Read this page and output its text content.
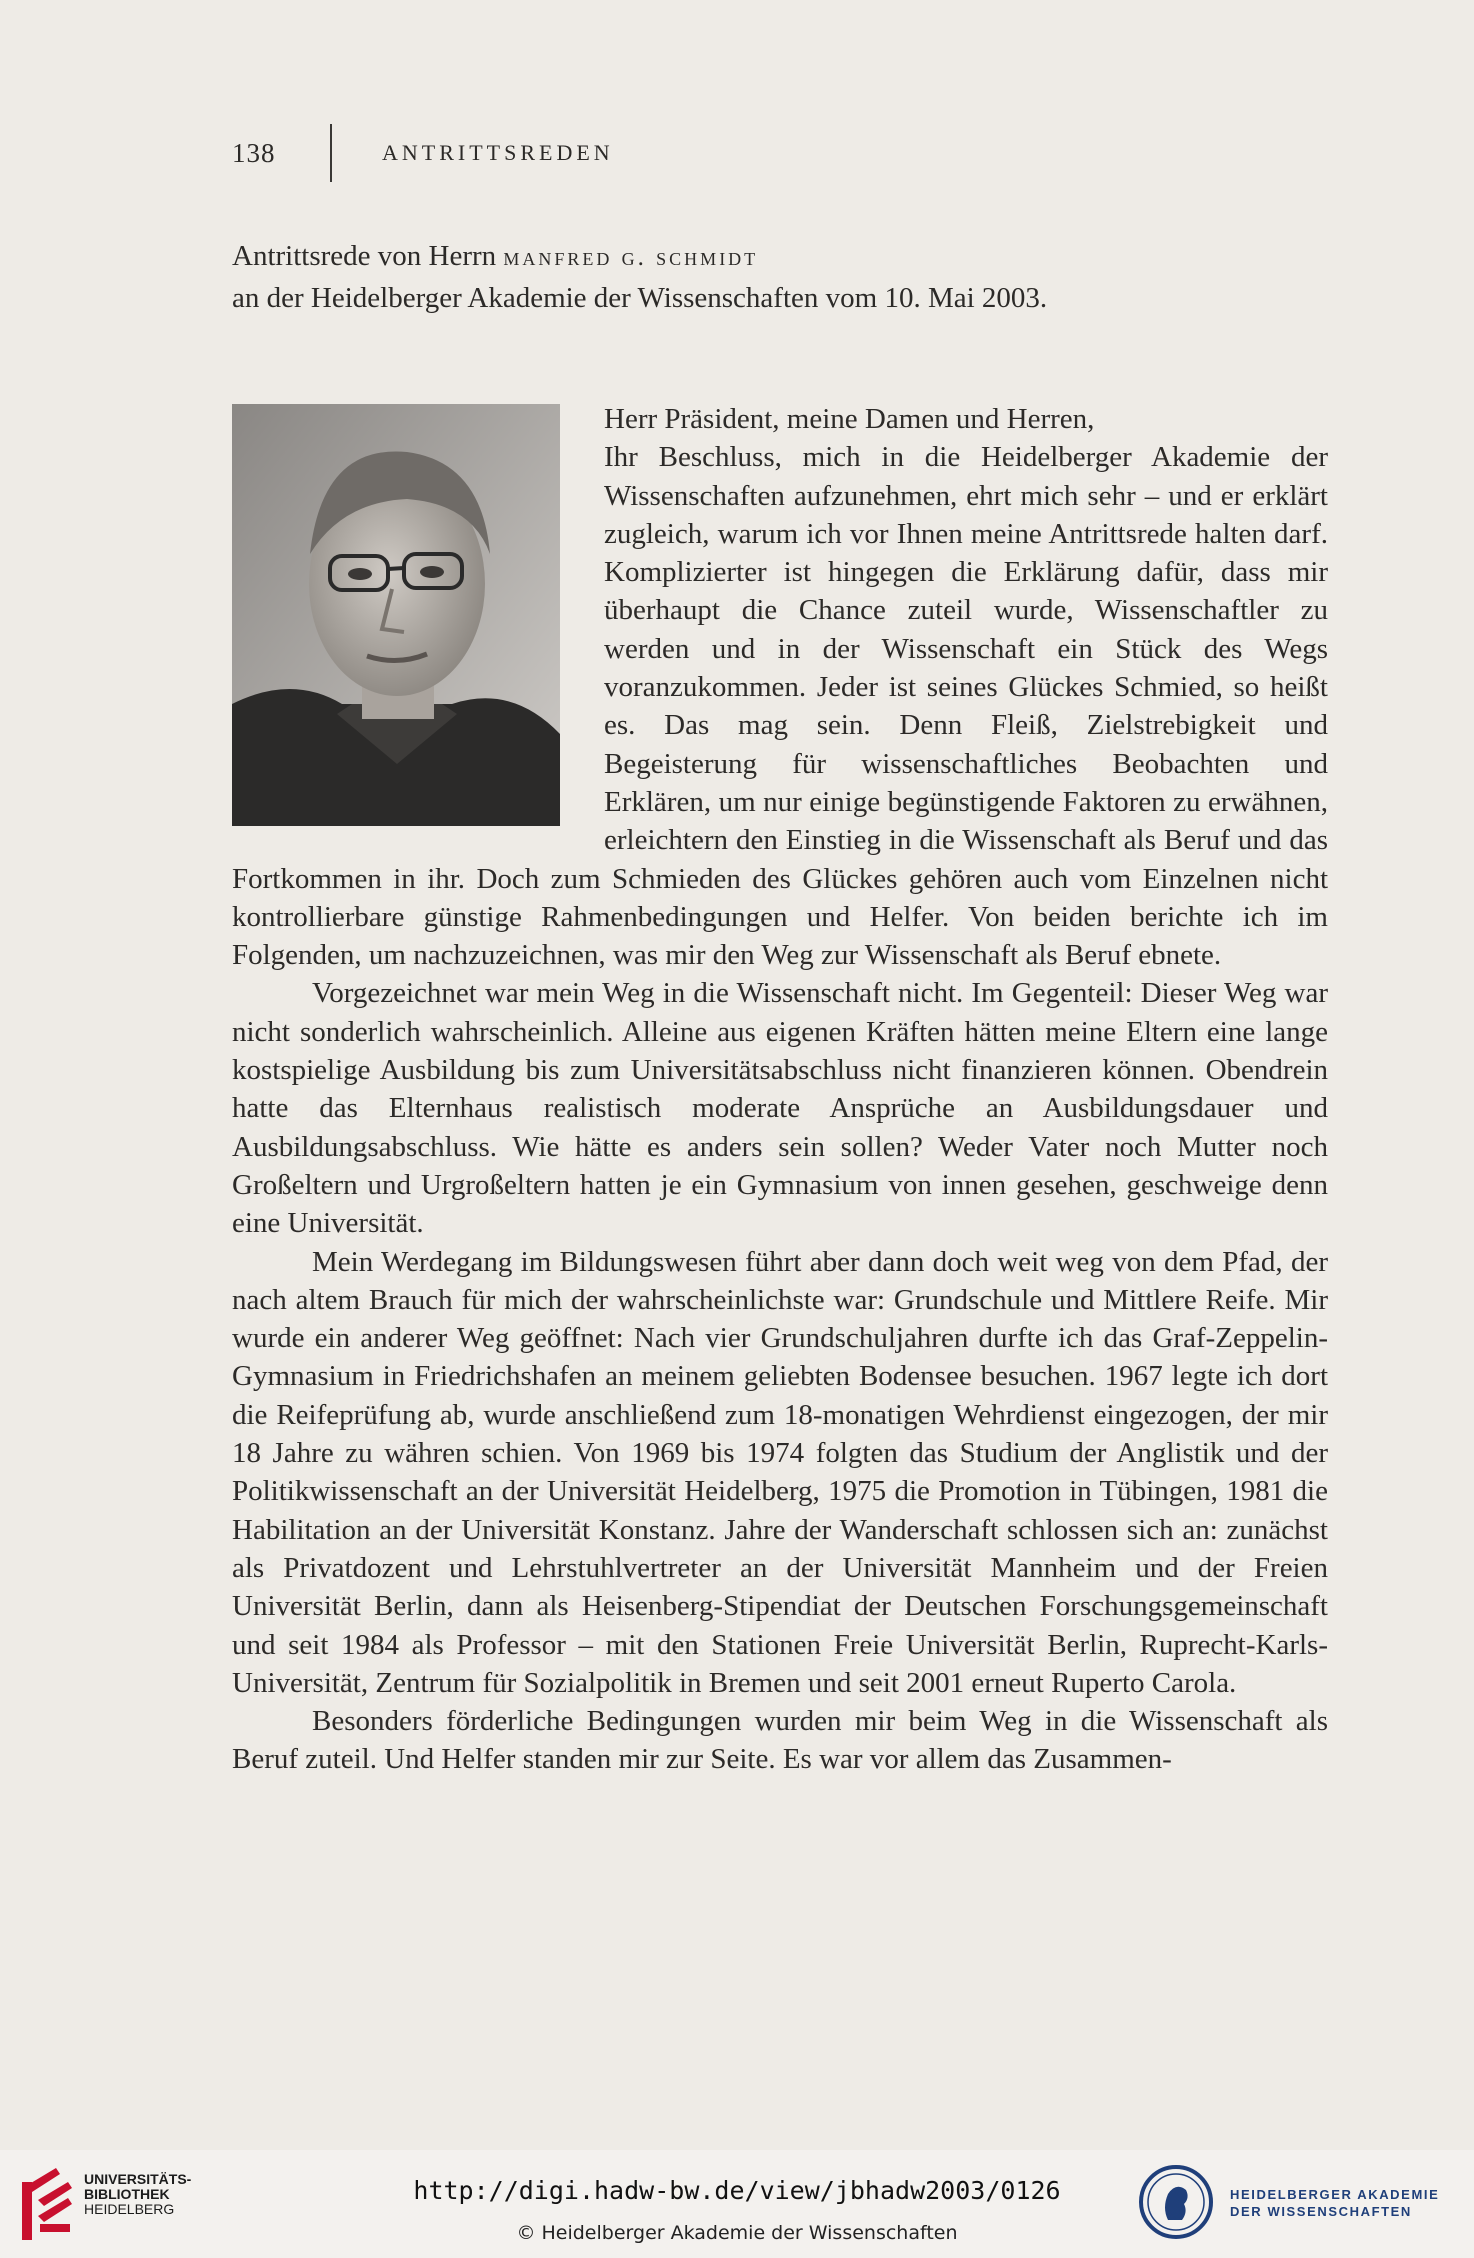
138	ANTRITTSREDEN
Antrittsrede von Herrn manfred g. schmidt
an der Heidelberger Akademie der Wissenschaften vom 10. Mai 2003.

Herr Präsident, meine Damen und Herren,

Ihr Beschluss, mich in die Heidelberger Akademie der Wissenschaften aufzunehmen, ehrt mich sehr – und er erklärt zugleich, warum ich vor Ihnen meine Antrittsrede halten darf. Komplizierter ist hingegen die Erklärung dafür, dass mir überhaupt die Chance zuteil wurde, Wissenschaftler zu werden und in der Wissenschaft ein Stück des Wegs voranzukommen. Jeder ist seines Glückes Schmied, so heißt es. Das mag sein. Denn Fleiß, Zielstrebigkeit und Begeisterung für wissenschaftliches Beobachten und Erklären, um nur einige begünstigende Faktoren zu erwähnen, erleichtern den Einstieg in die Wissenschaft als Beruf und das Fortkommen in ihr. Doch zum Schmieden des Glückes gehören auch vom Einzelnen nicht kontrollierbare günstige Rahmenbedingungen und Helfer. Von beiden berichte ich im Folgenden, um nachzuzeichnen, was mir den Weg zur Wissenschaft als Beruf ebnete.

Vorgezeichnet war mein Weg in die Wissenschaft nicht. Im Gegenteil: Dieser Weg war nicht sonderlich wahrscheinlich. Alleine aus eigenen Kräften hätten meine Eltern eine lange kostspielige Ausbildung bis zum Universitätsabschluss nicht finanzieren können. Obendrein hatte das Elternhaus realistisch moderate Ansprüche an Ausbildungsdauer und Ausbildungsabschluss. Wie hätte es anders sein sollen? Weder Vater noch Mutter noch Großeltern und Urgroßeltern hatten je ein Gymnasium von innen gesehen, geschweige denn eine Universität.

Mein Werdegang im Bildungswesen führt aber dann doch weit weg von dem Pfad, der nach altem Brauch für mich der wahrscheinlichste war: Grundschule und Mittlere Reife. Mir wurde ein anderer Weg geöffnet: Nach vier Grundschuljahren durfte ich das Graf-Zeppelin-Gymnasium in Friedrichshafen an meinem geliebten Bodensee besuchen. 1967 legte ich dort die Reifeprüfung ab, wurde anschließend zum 18-monatigen Wehrdienst eingezogen, der mir 18 Jahre zu währen schien. Von 1969 bis 1974 folgten das Studium der Anglistik und der Politikwissenschaft an der Universität Heidelberg, 1975 die Promotion in Tübingen, 1981 die Habilitation an der Universität Konstanz. Jahre der Wanderschaft schlossen sich an: zunächst als Privatdozent und Lehrstuhlvertreter an der Universität Mannheim und der Freien Universität Berlin, dann als Heisenberg-Stipendiat der Deutschen Forschungsgemeinschaft und seit 1984 als Professor – mit den Stationen Freie Universität Berlin, Ruprecht-Karls-Universität, Zentrum für Sozialpolitik in Bremen und seit 2001 erneut Ruperto Carola.

Besonders förderliche Bedingungen wurden mir beim Weg in die Wissenschaft als Beruf zuteil. Und Helfer standen mir zur Seite. Es war vor allem das Zusammen-

UNIVERSITÄTS-
BIBLIOTHEK
HEIDELBERG
http://digi.hadw-bw.de/view/jbhadw2003/0126
© Heidelberger Akademie der Wissenschaften
HEIDELBERGER AKADEMIE
DER WISSENSCHAFTEN
